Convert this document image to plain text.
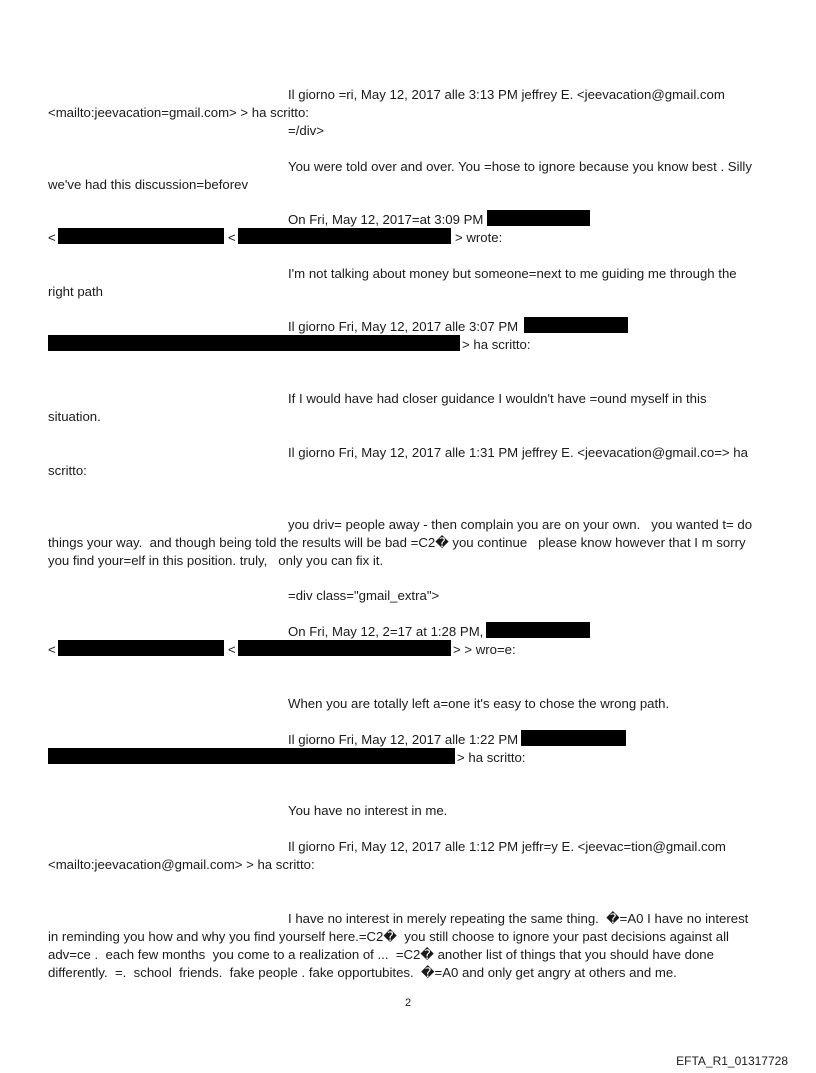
Il giorno =ri, May 12, 2017 alle 3:13 PM jeffrey E. <jeevacation@gmail.com
<mailto:jeevacation=gmail.com> > ha scritto:
=/div>
You were told over and over. You =hose to ignore because you know best . Silly
we've had this discussion=beforev
On Fri, May 12, 2017=at 3:09 PM
<	<	> wrote:
I'm not talking about money but someone=next to me guiding me through the
right path
Il giorno Fri, May 12, 2017 alle 3:07 PM
> ha scritto:
If I would have had closer guidance I wouldn't have =ound myself in this
situation.
Il giorno Fri, May 12, 2017 alle 1:31 PM jeffrey E. <jeevacation@gmail.co=> ha
scritto:
you driv= people away - then complain you are on your own.   you wanted t= do
things your way.  and though being told the results will be bad =C2� you continue   please know however that I m sorry
you find your=elf in this position. truly,   only you can fix it.
=div class="gmail_extra">
On Fri, May 12, 2=17 at 1:28 PM,
<	<	> > wro=e:
When you are totally left a=one it's easy to chose the wrong path.
Il giorno Fri, May 12, 2017 alle 1:22 PM
> ha scritto:
You have no interest in me.
Il giorno Fri, May 12, 2017 alle 1:12 PM jeffr=y E. <jeevac=tion@gmail.com
<mailto:jeevacation@gmail.com> > ha scritto:
I have no interest in merely repeating the same thing.  �=A0 I have no interest
in reminding you how and why you find yourself here.=C2�  you still choose to ignore your past decisions against all
adv=ce .  each few months  you come to a realization of ...  =C2� another list of things that you should have done
differently.  =.  school  friends.  fake people . fake opportubites.  �=A0 and only get angry at others and me.
2
EFTA_R1_01317728
